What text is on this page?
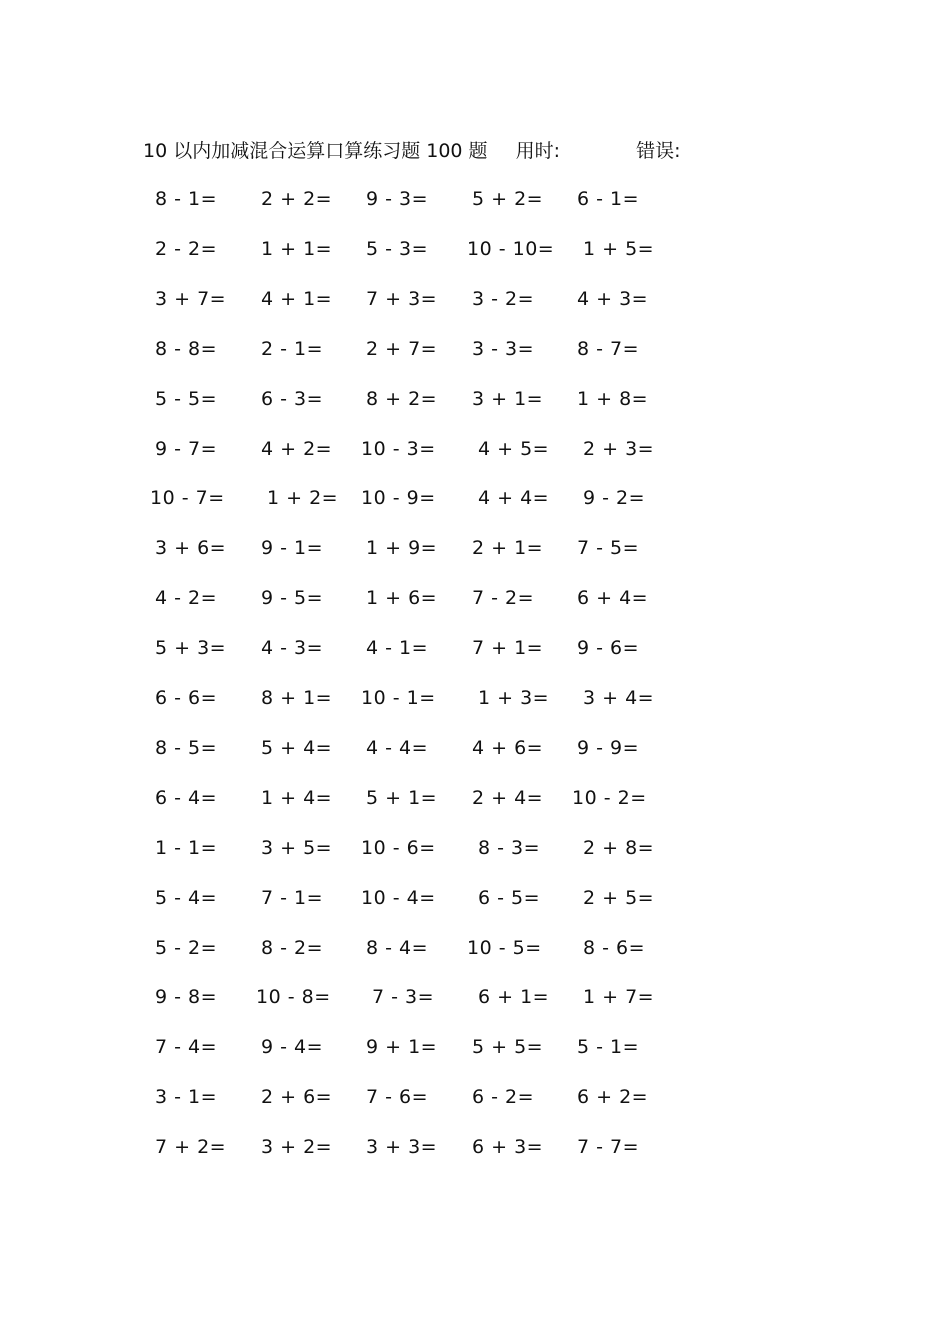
10 以内加减混合运算口算练习题 100 题 用时:	错误:
8 - 1= 2 + 2= 9 - 3= 5 + 2= 6 - 1=
2 - 2= 1 + 1= 5 - 3= 10 - 10= 1 + 5=
3 + 7= 4 + 1= 7 + 3= 3 - 2= 4 + 3=
8 - 8= 2 - 1= 2 + 7= 3 - 3= 8 - 7=
5 - 5= 6 - 3= 8 + 2= 3 + 1= 1 + 8=
9 - 7= 4 + 2= 10 - 3= 4 + 5= 2 + 3=
10 - 7= 1 + 2= 10 - 9= 4 + 4= 9 - 2=
3 + 6= 9 - 1= 1 + 9= 2 + 1= 7 - 5=
4 - 2= 9 - 5= 1 + 6= 7 - 2= 6 + 4=
5 + 3= 4 - 3= 4 - 1= 7 + 1= 9 - 6=
6 - 6= 8 + 1= 10 - 1= 1 + 3= 3 + 4=
8 - 5= 5 + 4= 4 - 4= 4 + 6= 9 - 9=
6 - 4= 1 + 4= 5 + 1= 2 + 4= 10 - 2=
1 - 1= 3 + 5= 10 - 6= 8 - 3= 2 + 8=
5 - 4= 7 - 1= 10 - 4= 6 - 5= 2 + 5=
5 - 2= 8 - 2= 8 - 4= 10 - 5= 8 - 6=
9 - 8= 10 - 8= 7 - 3= 6 + 1= 1 + 7=
7 - 4= 9 - 4= 9 + 1= 5 + 5= 5 - 1=
3 - 1= 2 + 6= 7 - 6= 6 - 2= 6 + 2=
7 + 2= 3 + 2= 3 + 3= 6 + 3= 7 - 7=
